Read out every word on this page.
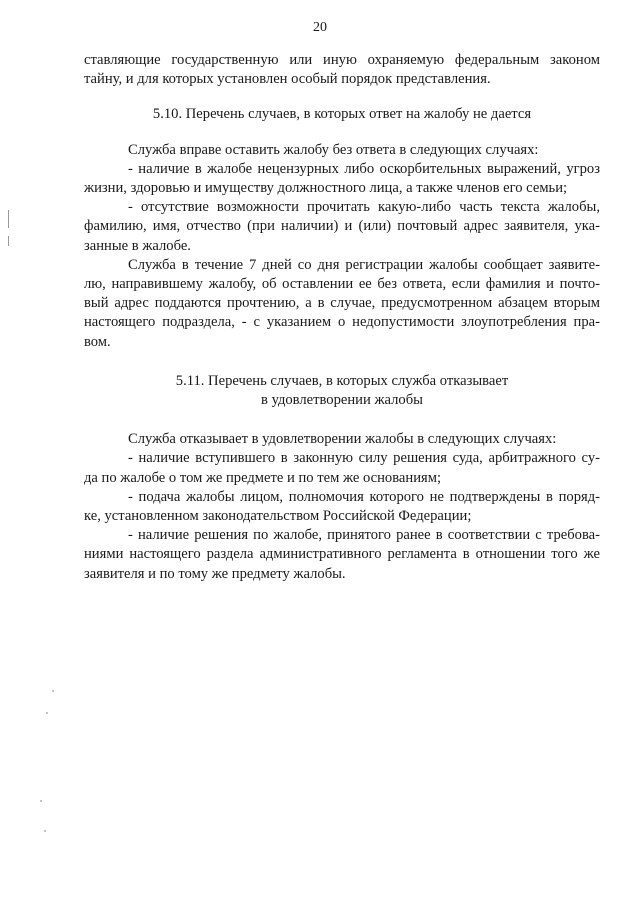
20
ставляющие государственную или иную охраняемую федеральным законом
тайну, и для которых установлен особый порядок представления.
5.10. Перечень случаев, в которых ответ на жалобу не дается
Служба вправе оставить жалобу без ответа в следующих случаях:
- наличие в жалобе нецензурных либо оскорбительных выражений, угроз
жизни, здоровью и имуществу должностного лица, а также членов его семьи;
- отсутствие возможности прочитать какую-либо часть текста жалобы,
фамилию, имя, отчество (при наличии) и (или) почтовый адрес заявителя, ука-
занные в жалобе.
Служба в течение 7 дней со дня регистрации жалобы сообщает заявите-
лю, направившему жалобу, об оставлении ее без ответа, если фамилия и почто-
вый адрес поддаются прочтению, а в случае, предусмотренном абзацем вторым
настоящего подраздела, - с указанием о недопустимости злоупотребления пра-
вом.
5.11. Перечень случаев, в которых служба отказывает
в удовлетворении жалобы
Служба отказывает в удовлетворении жалобы в следующих случаях:
- наличие вступившего в законную силу решения суда, арбитражного су-
да по жалобе о том же предмете и по тем же основаниям;
- подача жалобы лицом, полномочия которого не подтверждены в поряд-
ке, установленном законодательством Российской Федерации;
- наличие решения по жалобе, принятого ранее в соответствии с требова-
ниями настоящего раздела административного регламента в отношении того же
заявителя и по тому же предмету жалобы.
